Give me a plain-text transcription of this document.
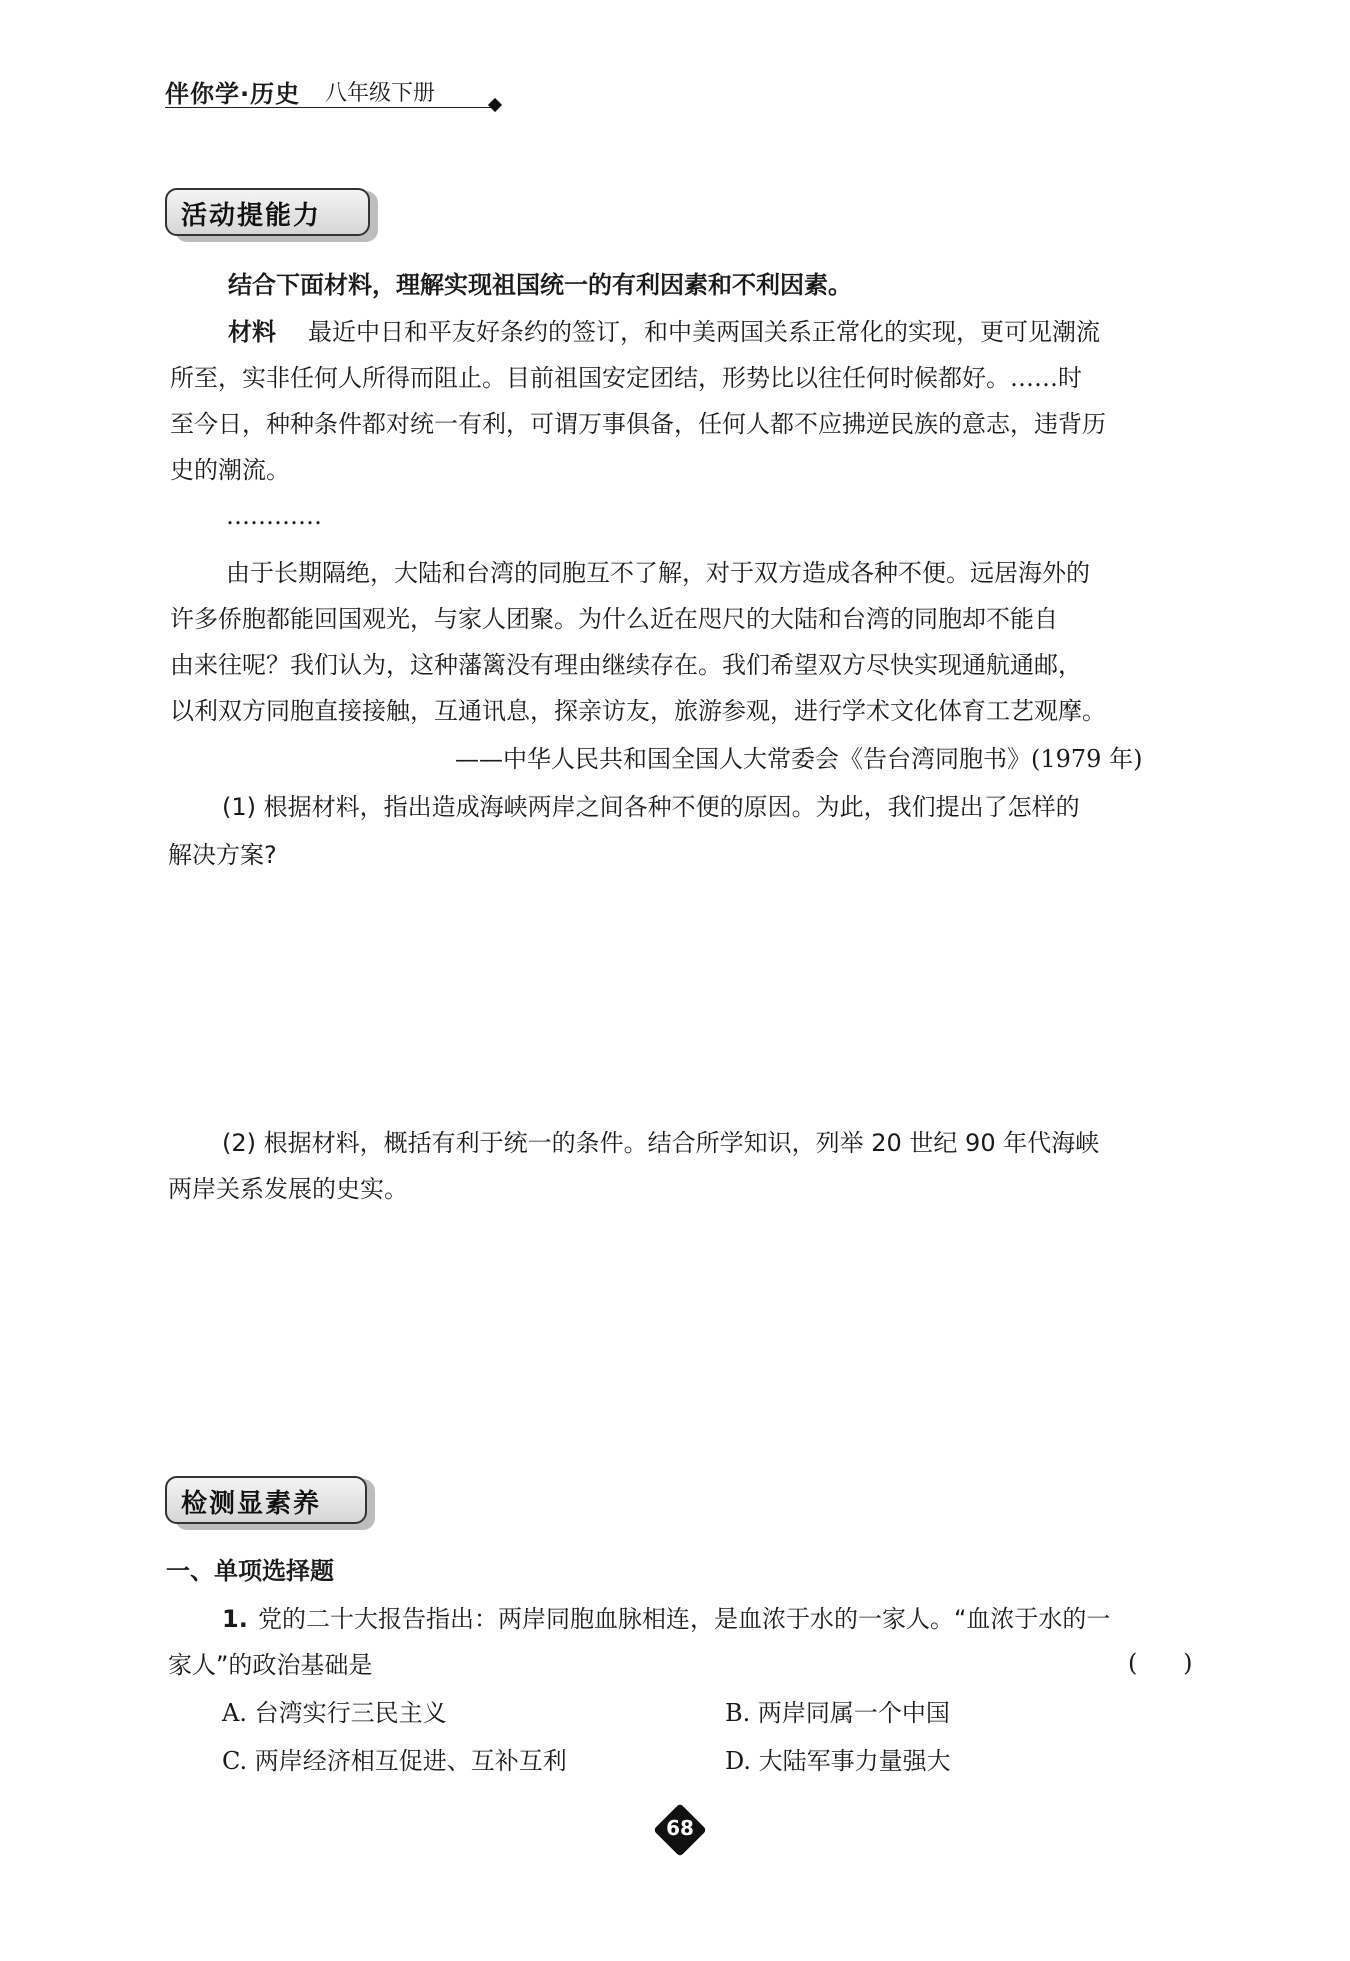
伴你学·历史 八年级下册
活动提能力
结合下面材料，理解实现祖国统一的有利因素和不利因素。
材料 最近中日和平友好条约的签订，和中美两国关系正常化的实现，更可见潮流
所至，实非任何人所得而阻止。目前祖国安定团结，形势比以往任何时候都好。……时
至今日，种种条件都对统一有利，可谓万事俱备，任何人都不应拂逆民族的意志，违背历
史的潮流。
…………
由于长期隔绝，大陆和台湾的同胞互不了解，对于双方造成各种不便。远居海外的
许多侨胞都能回国观光，与家人团聚。为什么近在咫尺的大陆和台湾的同胞却不能自
由来往呢？我们认为，这种藩篱没有理由继续存在。我们希望双方尽快实现通航通邮，
以利双方同胞直接接触，互通讯息，探亲访友，旅游参观，进行学术文化体育工艺观摩。
——中华人民共和国全国人大常委会《告台湾同胞书》(1979 年)
(1) 根据材料，指出造成海峡两岸之间各种不便的原因。为此，我们提出了怎样的
解决方案?
(2) 根据材料，概括有利于统一的条件。结合所学知识，列举 20 世纪 90 年代海峡
两岸关系发展的史实。
检测显素养
一、单项选择题
1. 党的二十大报告指出：两岸同胞血脉相连，是血浓于水的一家人。“血浓于水的一
家人”的政治基础是	(      )
A. 台湾实行三民主义	B. 两岸同属一个中国
C. 两岸经济相互促进、互补互利	D. 大陆军事力量强大
68
